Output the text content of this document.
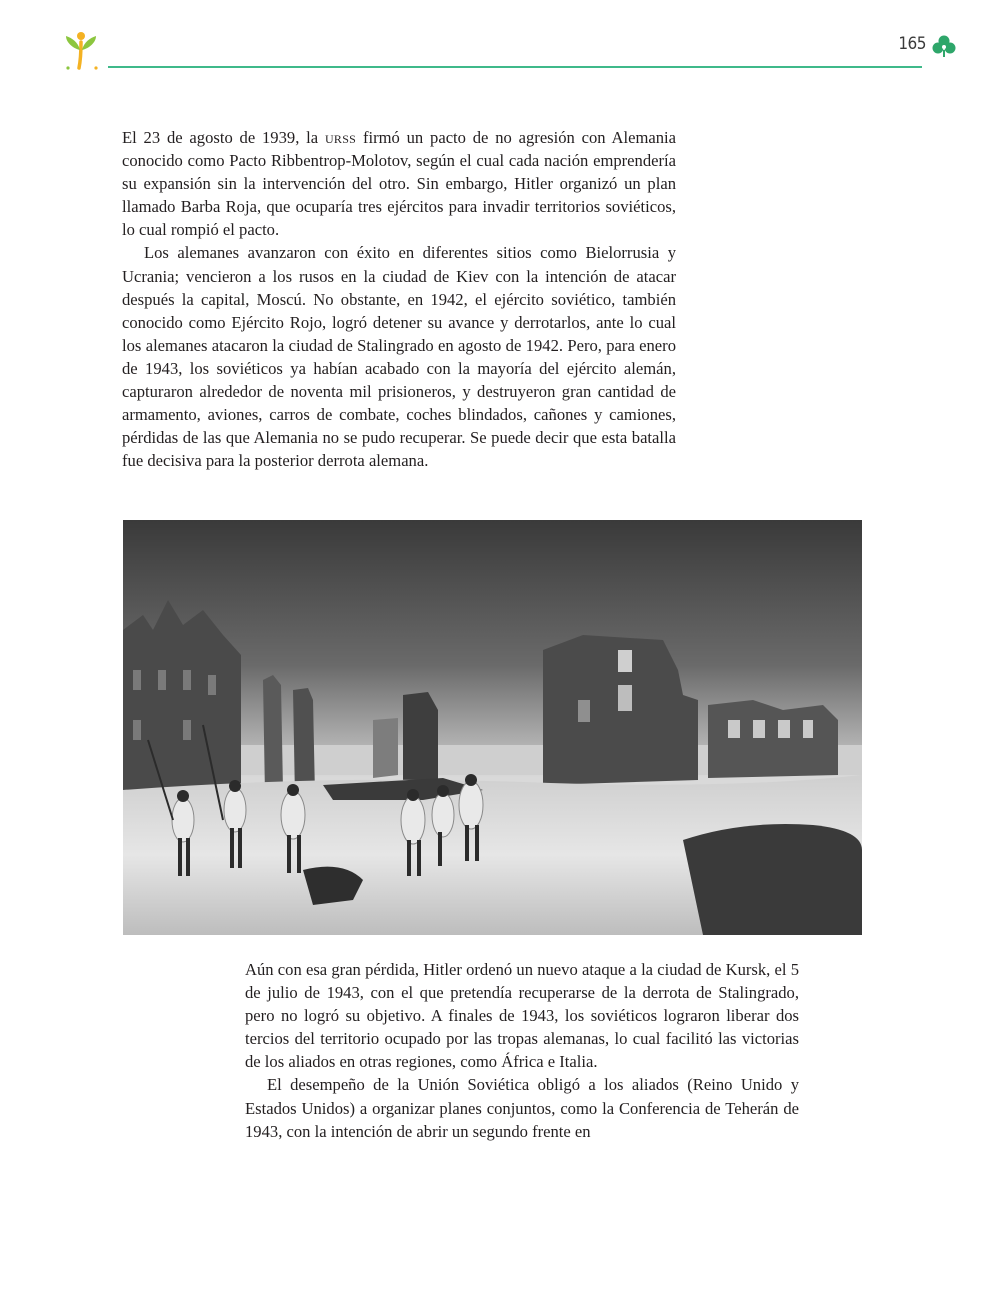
165

El 23 de agosto de 1939, la urss firmó un pacto de no agresión con Alemania conocido como Pacto Ribbentrop-Molotov, según el cual cada nación emprendería su expansión sin la intervención del otro. Sin embargo, Hitler organizó un plan llamado Barba Roja, que ocuparía tres ejércitos para invadir territorios soviéticos, lo cual rompió el pacto.

Los alemanes avanzaron con éxito en diferentes sitios como Bielorrusia y Ucrania; vencieron a los rusos en la ciudad de Kiev con la intención de atacar después la capital, Moscú. No obstante, en 1942, el ejército soviético, también conocido como Ejército Rojo, logró detener su avance y derrotarlos, ante lo cual los alemanes atacaron la ciudad de Stalingrado en agosto de 1942. Pero, para enero de 1943, los soviéticos ya habían acabado con la mayoría del ejército alemán, capturaron alrededor de noventa mil prisioneros, y destruyeron gran cantidad de armamento, aviones, carros de combate, coches blindados, cañones y camiones, pérdidas de las que Alemania no se pudo recuperar. Se puede decir que esta batalla fue decisiva para la posterior derrota alemana.

Aún con esa gran pérdida, Hitler ordenó un nuevo ataque a la ciudad de Kursk, el 5 de julio de 1943, con el que pretendía recuperarse de la derrota de Stalingrado, pero no logró su objetivo. A finales de 1943, los soviéticos lograron liberar dos tercios del territorio ocupado por las tropas alemanas, lo cual facilitó las victorias de los aliados en otras regiones, como África e Italia.

El desempeño de la Unión Soviética obligó a los aliados (Reino Unido y Estados Unidos) a organizar planes conjuntos, como la Conferencia de Teherán de 1943, con la intención de abrir un segundo frente en
